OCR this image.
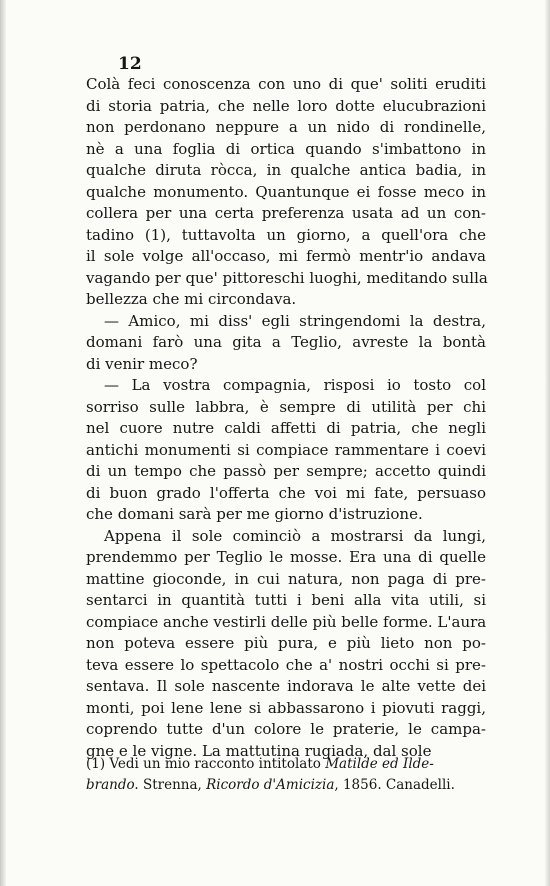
12
Colà feci conoscenza con uno di que' soliti eruditi
di storia patria, che nelle loro dotte elucubrazioni
non perdonano neppure a un nido di rondinelle,
nè a una foglia di ortica quando s'imbattono in
qualche diruta ròcca, in qualche antica badia, in
qualche monumento. Quantunque ei fosse meco in
collera per una certa preferenza usata ad un con-
tadino (1), tuttavolta un giorno, a quell'ora che
il sole volge all'occaso, mi fermò mentr'io andava
vagando per que' pittoreschi luoghi, meditando sulla
bellezza che mi circondava.
— Amico, mi diss' egli stringendomi la destra,
domani farò una gita a Teglio, avreste la bontà
di venir meco?
— La vostra compagnia, risposi io tosto col
sorriso sulle labbra, è sempre di utilità per chi
nel cuore nutre caldi affetti di patria, che negli
antichi monumenti si compiace rammentare i coevi
di un tempo che passò per sempre; accetto quindi
di buon grado l'offerta che voi mi fate, persuaso
che domani sarà per me giorno d'istruzione.
Appena il sole cominciò a mostrarsi da lungi,
prendemmo per Teglio le mosse. Era una di quelle
mattine gioconde, in cui natura, non paga di pre-
sentarci in quantità tutti i beni alla vita utili, si
compiace anche vestirli delle più belle forme. L'aura
non poteva essere più pura, e più lieto non po-
teva essere lo spettacolo che a' nostri occhi si pre-
sentava. Il sole nascente indorava le alte vette dei
monti, poi lene lene si abbassarono i piovuti raggi,
coprendo tutte d'un colore le praterie, le campa-
gne e le vigne. La mattutina rugiada, dal sole
(1) Vedi un mio racconto intitolato Matilde ed Ilde-
brando. Strenna, Ricordo d'Amicizia, 1856. Canadelli.
